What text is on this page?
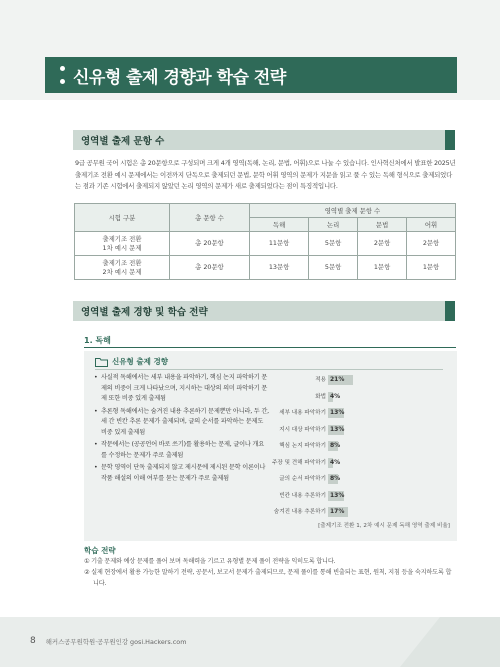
신유형 출제 경향과 학습 전략
영역별 출제 문항 수
9급 공무원 국어 시험은 총 20문항으로 구성되며 크게 4개 영역(독해, 논리, 문법, 어휘)으로 나눌 수 있습니다. 인사혁신처에서 발표한 2025년 출제기조 전환 예시 문제에서는 이전까지 단독으로 출제되던 문법, 문학 어휘 영역의 문제가 지문을 읽고 풀 수 있는 독해 형식으로 출제되었다는 점과 기존 시험에서 출제되지 않았던 논리 영역의 문제가 새로 출제되었다는 점이 특징적입니다.
시험 구분	총 문항 수	영역별 출제 문항 수			
		독해	논리	문법	어휘
출제기조 전환
1차 예시 문제	총 20문항	11문항	5문항	2문항	2문항
출제기조 전환
2차 예시 문제	총 20문항	13문항	5문항	1문항	1문항
영역별 출제 경향 및 학습 전략
1. 독해
신유형 출제 경향
• 사실적 독해에서는 세부 내용을 파악하기, 핵심 논지 파악하기 문제의 비중이 크게 나타났으며, 지시하는 대상의 의미 파악하기 문제 또한 비중 있게 출제됨
• 추론형 독해에서는 숨겨진 내용 추론하기 문제뿐만 아니라, 두 간, 세 간 빈칸 추론 문제가 출제되며, 글의 순서를 파악하는 문제도 비중 있게 출제됨
• 작문에서는 (공공언어 바로 쓰기)를 활용하는 문제, 글이나 개요를 수정하는 문제가 주로 출제됨
• 문학 영역이 단독 출제되지 않고 제시문에 제시된 문학 이론이나 작품 해설의 이해 여부를 묻는 문제가 주로 출제됨
적용 21%
화법 4%
세부 내용 파악하기 13%
지시 대상 파악하기 13%
핵심 논지 파악하기 8%
주장 및 견해 파악하기 4%
글의 순서 파악하기 8%
빈칸 내용 추론하기 13%
숨겨진 내용 추론하기 17%
[출제기조 전환 1, 2차 예시 문제 독해 영역 출제 비율]
학습 전략

① 기출 문제와 예상 문제를 풀어 보며 독해력을 기르고 유형별 문제 풀이 전략을 익히도록 합니다.

② 실제 현장에서 활용 가능한 말하기 전략, 공문서, 보고서 문제가 출제되므로, 문제 풀이를 통해 빈출되는 표현, 원칙, 지침 등을 숙지하도록 합니다.

8 해커스공무원학원·공무원인강 gosi.Hackers.com
